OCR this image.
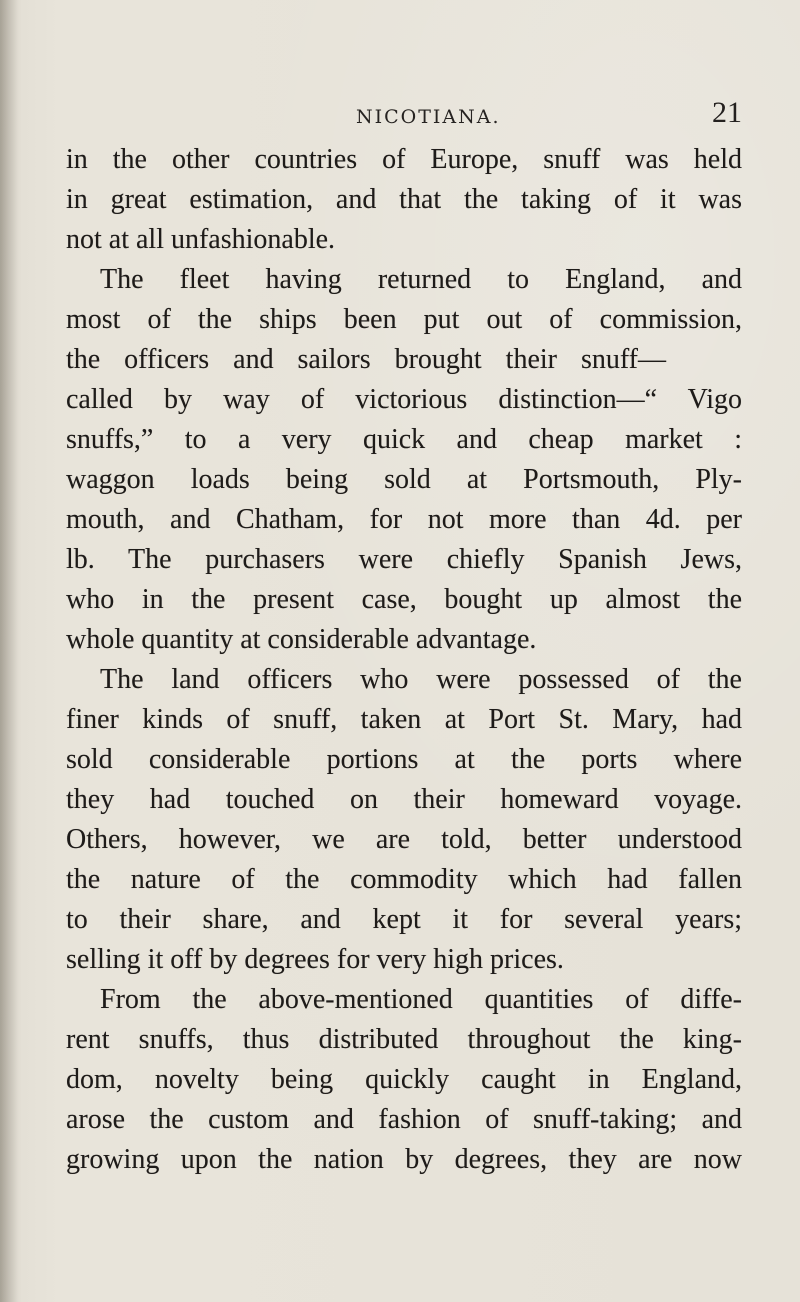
NICOTIANA.	21
in the other countries of Europe, snuff was held
in great estimation, and that the taking of it was
not at all unfashionable.
The fleet having returned to England, and
most of the ships been put out of commission,
the officers and sailors brought their snuff—
called by way of victorious distinction—“ Vigo
snuffs,” to a very quick and cheap market :
waggon loads being sold at Portsmouth, Ply-
mouth, and Chatham, for not more than 4d. per
lb. The purchasers were chiefly Spanish Jews,
who in the present case, bought up almost the
whole quantity at considerable advantage.
The land officers who were possessed of the
finer kinds of snuff, taken at Port St. Mary, had
sold considerable portions at the ports where
they had touched on their homeward voyage.
Others, however, we are told, better understood
the nature of the commodity which had fallen
to their share, and kept it for several years;
selling it off by degrees for very high prices.
From the above-mentioned quantities of diffe-
rent snuffs, thus distributed throughout the king-
dom, novelty being quickly caught in England,
arose the custom and fashion of snuff-taking; and
growing upon the nation by degrees, they are now
